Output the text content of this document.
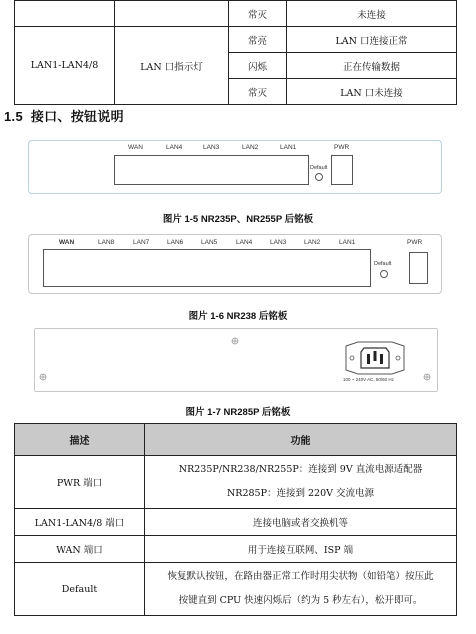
		常灭	未连接
LAN1-LAN4/8	LAN 口指示灯	常亮	LAN 口连接正常
		闪烁	正在传输数据
		常灭	LAN 口未连接
1.5 接口、按钮说明
WAN	LAN4	LAN3	LAN2	LAN1	PWR
Default
图片 1-5 NR235P、NR255P 后铭板
WAN	LAN8	LAN7	LAN6	LAN5	LAN4	LAN3	LAN2	LAN1	PWR
Default
图片 1-6 NR238 后铭板
100 ~ 240V AC, 50/60 Hz
图片 1-7 NR285P 后铭板
描述	功能
PWR 端口	NR235P/NR238/NR255P：连接到 9V 直流电源适配器
NR285P：连接到 220V 交流电源

LAN1-LAN4/8 端口	连接电脑或者交换机等
WAN 端口	用于连接互联网、ISP 端
Default	恢复默认按钮，在路由器正常工作时用尖状物（如铅笔）按压此
按键直到 CPU 快速闪烁后（约为 5 秒左右），松开即可。
